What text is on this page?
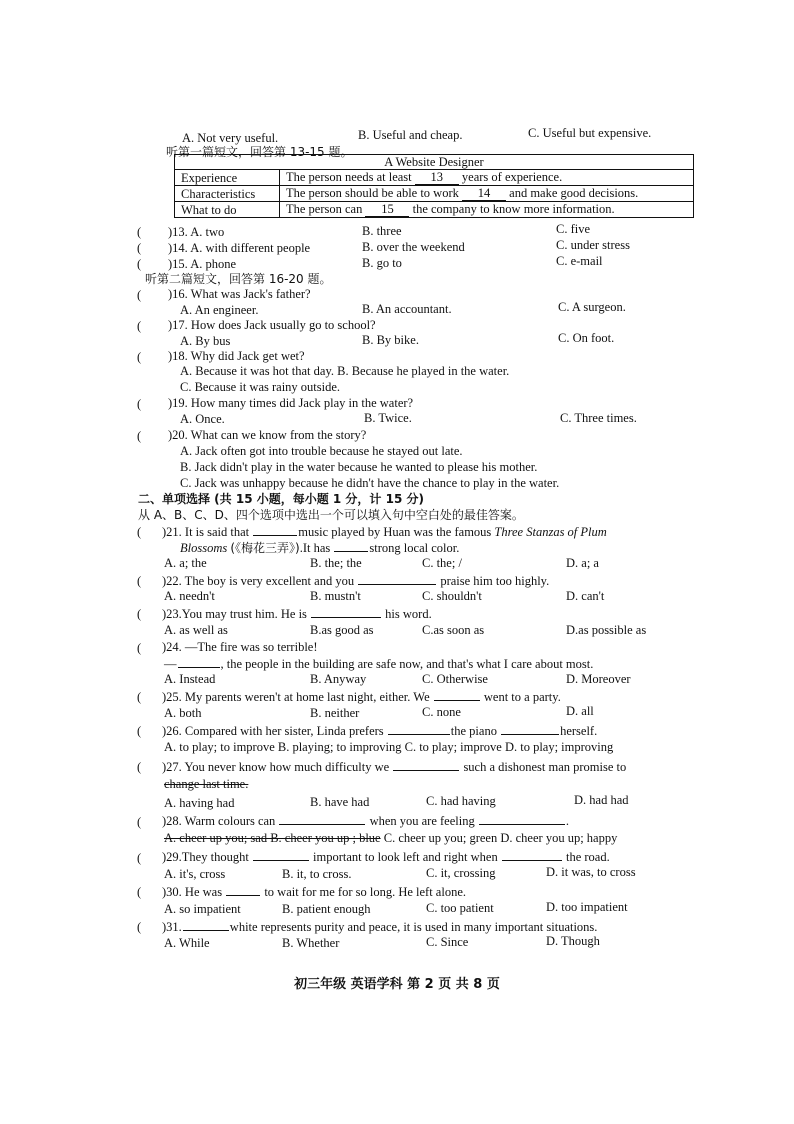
A. Not very useful.	B. Useful and cheap.	C. Useful but expensive.
听第一篇短文，回答第 13-15 题。
A Website Designer	
Experience	The person needs at least 13 years of experience.
Characteristics	The person should be able to work 14 and make good decisions.
What to do	The person can 15 the company to know more information.
( )13. A. two	B. three	C. five
( )14. A. with different people	B. over the weekend	C. under stress
( )15. A. phone	B. go to	C. e-mail
听第二篇短文，回答第 16-20 题。
( )16. What was Jack's father?
A. An engineer.	B. An accountant.	C. A surgeon.
( )17. How does Jack usually go to school?
A. By bus	B. By bike.	C. On foot.
( )18. Why did Jack get wet?
A. Because it was hot that day. B. Because he played in the water.
C. Because it was rainy outside.
( )19. How many times did Jack play in the water?
A. Once.	B. Twice.	C. Three times.
( )20. What can we know from the story?
A. Jack often got into trouble because he stayed out late.
B. Jack didn't play in the water because he wanted to please his mother.
C. Jack was unhappy because he didn't have the chance to play in the water.
二、单项选择 (共 15 小题，每小题 1 分，计 15 分)
从 A、B、C、D、四个选项中选出一个可以填入句中空白处的最佳答案。
( )21. It is said that	music played by Huan was the famous Three Stanzas of Plum
Blossoms (《梅花三弄》).It has	strong local color.
A. a; the	B. the; the	C. the; /	D. a; a
( )22. The boy is very excellent and you	praise him too highly.
A. needn't	B. mustn't	C. shouldn't	D. can't
( )23.You may trust him. He is	his word.
A. as well as	B.as good as	C.as soon as	D.as possible as
( )24. —The fire was so terrible!
—	, the people in the building are safe now, and that's what I care about most.
A. Instead	B. Anyway	C. Otherwise	D. Moreover
( )25. My parents weren't at home last night, either. We	went to a party.
A. both	B. neither	C. none	D. all
( )26. Compared with her sister, Linda prefers	the piano	herself.
A. to play; to improve B. playing; to improving C. to play; improve D. to play; improving
( )27. You never know how much difficulty we	such a dishonest man promise to
change last time.
A. having had	B. have had	C. had having	D. had had
( )28. Warm colours can	when you are feeling	.
A. cheer up you; sad B. cheer you up ; blue C. cheer up you; green D. cheer you up; happy
( )29.They thought	important to look left and right when	the road.
A. it's, cross	B. it, to cross.	C. it, crossing	D. it was, to cross
( )30. He was	to wait for me for so long. He left alone.
A. so impatient	B. patient enough	C. too patient	D. too impatient
( )31.	white represents purity and peace, it is used in many important situations.
A. While	B. Whether	C. Since	D. Though
初三年级 英语学科 第 2 页 共 8 页
